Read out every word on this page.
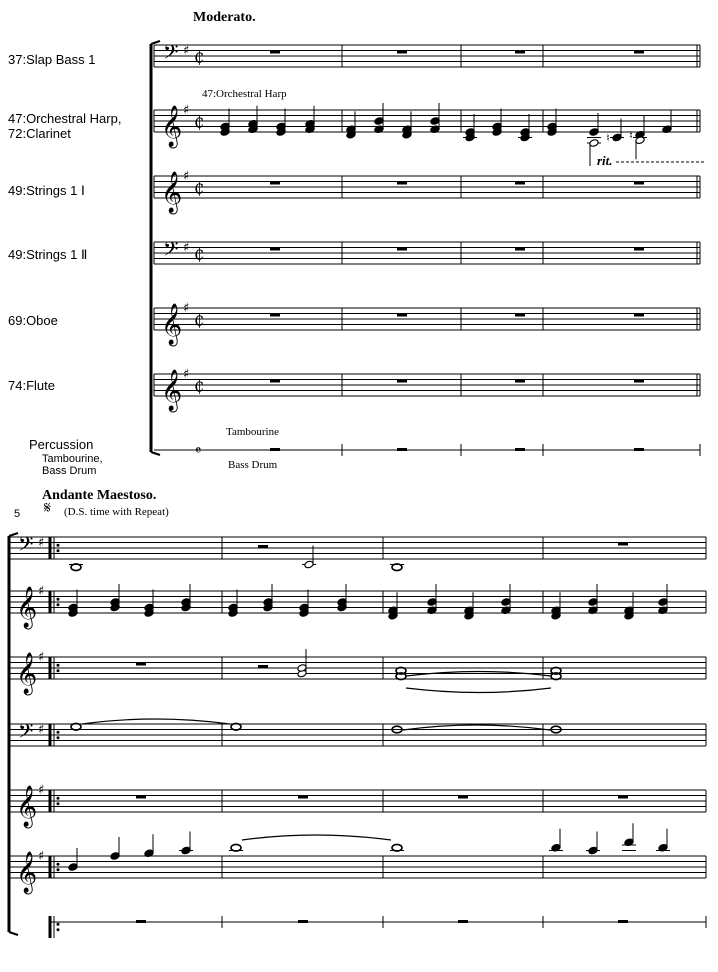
Moderato.
37:Slap Bass 1
47:Orchestral Harp,
72:Clarinet
49:Strings 1 Ⅰ
49:Strings 1 Ⅱ
69:Oboe
74:Flute
Percussion
Tambourine,
Bass Drum
47:Orchestral Harp
rit.
Tambourine
Bass Drum
Andante Maestoso.
5 𝄋 (D.S. time with Repeat)
𝄢 ♯ ₵
𝄞 ♯
₵
𝄞 ♯
₵
𝄢 ♯ ₵
𝄞 ♯
₵
𝄞 ♯
₵
𝄴
♮ ♮
𝄢 ♯
𝄞 ♯
𝄞 ♯
𝄢 ♯
𝄞 ♯
𝄞 ♯
